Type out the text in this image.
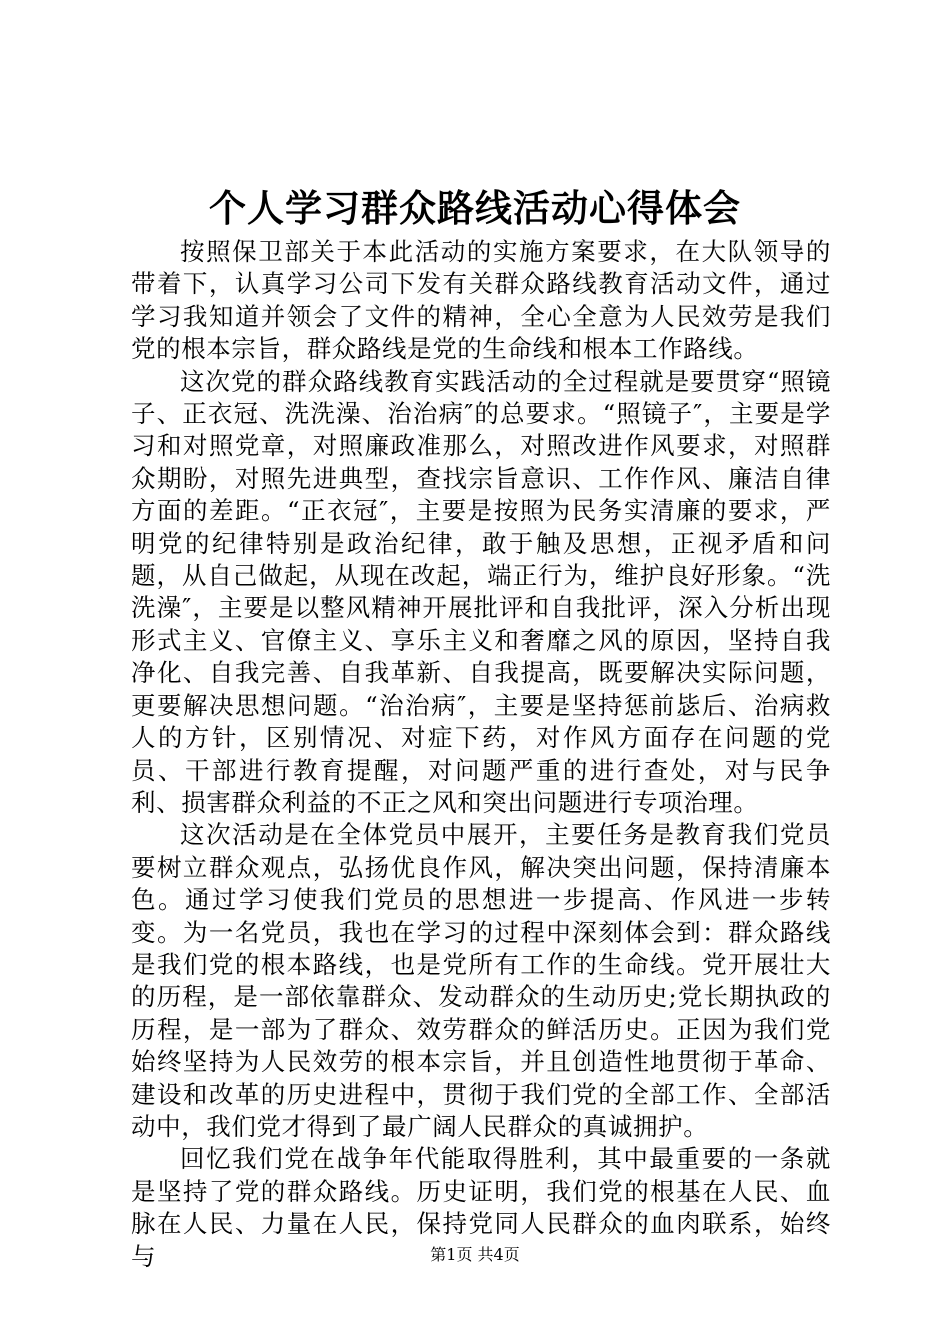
个人学习群众路线活动心得体会

按照保卫部关于本此活动的实施方案要求，在大队领导的带着下，认真学习公司下发有关群众路线教育活动文件，通过学习我知道并领会了文件的精神，全心全意为人民效劳是我们党的根本宗旨，群众路线是党的生命线和根本工作路线。

这次党的群众路线教育实践活动的全过程就是要贯穿“照镜子、正衣冠、洗洗澡、治治病″的总要求。“照镜子″，主要是学习和对照党章，对照廉政准那么，对照改进作风要求，对照群众期盼，对照先进典型，查找宗旨意识、工作作风、廉洁自律方面的差距。“正衣冠″，主要是按照为民务实清廉的要求，严明党的纪律特别是政治纪律，敢于触及思想，正视矛盾和问题，从自己做起，从现在改起，端正行为，维护良好形象。“洗洗澡″，主要是以整风精神开展批评和自我批评，深入分析出现形式主义、官僚主义、享乐主义和奢靡之风的原因，坚持自我净化、自我完善、自我革新、自我提高，既要解决实际问题，更要解决思想问题。“治治病″，主要是坚持惩前毖后、治病救人的方针，区别情况、对症下药，对作风方面存在问题的党员、干部进行教育提醒，对问题严重的进行查处，对与民争利、损害群众利益的不正之风和突出问题进行专项治理。

这次活动是在全体党员中展开，主要任务是教育我们党员要树立群众观点，弘扬优良作风，解决突出问题，保持清廉本色。通过学习使我们党员的思想进一步提高、作风进一步转变。为一名党员，我也在学习的过程中深刻体会到：群众路线是我们党的根本路线，也是党所有工作的生命线。党开展壮大的历程，是一部依靠群众、发动群众的生动历史;党长期执政的历程，是一部为了群众、效劳群众的鲜活历史。正因为我们党始终坚持为人民效劳的根本宗旨，并且创造性地贯彻于革命、建设和改革的历史进程中，贯彻于我们党的全部工作、全部活动中，我们党才得到了最广阔人民群众的真诚拥护。

回忆我们党在战争年代能取得胜利，其中最重要的一条就是坚持了党的群众路线。历史证明，我们党的根基在人民、血脉在人民、力量在人民，保持党同人民群众的血肉联系，始终与	第1页 共4页
